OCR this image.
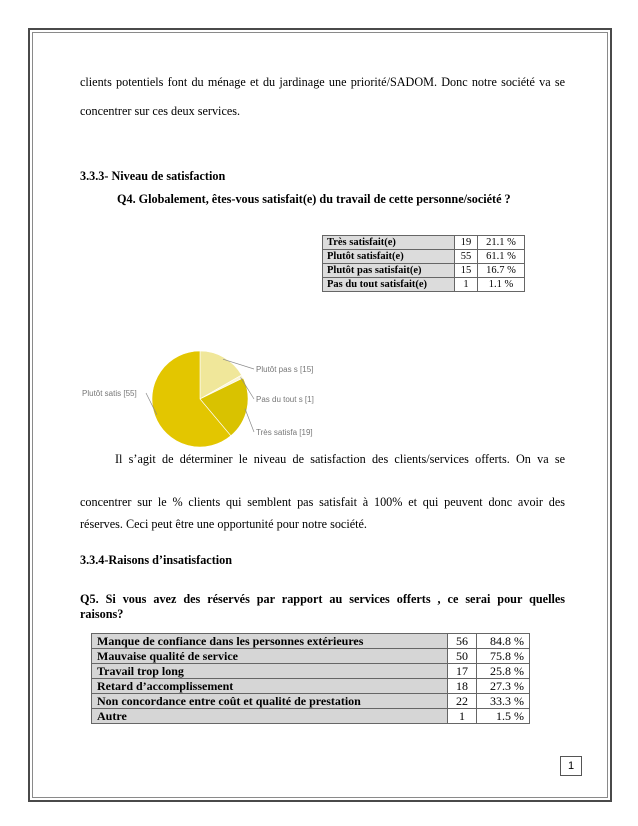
clients potentiels font du ménage et du jardinage une priorité/SADOM. Donc notre société va se
concentrer sur ces deux services.
3.3.3- Niveau de satisfaction
Q4. Globalement, êtes-vous satisfait(e) du travail de cette personne/société ?
Très satisfait(e)	19	21.1 %
Plutôt satisfait(e)	55	61.1 %
Plutôt pas satisfait(e)	15	16.7 %
Pas du tout satisfait(e)	1	1.1 %
Plutôt satis [55]
Plutôt pas s [15]
Pas du tout s [1]
Très satisfa [19]
Il s’agit de déterminer le niveau de satisfaction des clients/services offerts. On va se
concentrer sur le % clients qui semblent pas satisfait à 100% et qui peuvent donc avoir des
réserves. Ceci peut être une opportunité pour notre société.
3.3.4-Raisons d’insatisfaction
Q5. Si vous avez des réservés par rapport au services offerts , ce serai pour quelles
raisons?
Manque de confiance dans les personnes extérieures	56	84.8 %
Mauvaise qualité de service	50	75.8 %
Travail trop long	17	25.8 %
Retard d’accomplissement	18	27.3 %
Non concordance entre coût et qualité de prestation	22	33.3 %
Autre	1	1.5 %
1
